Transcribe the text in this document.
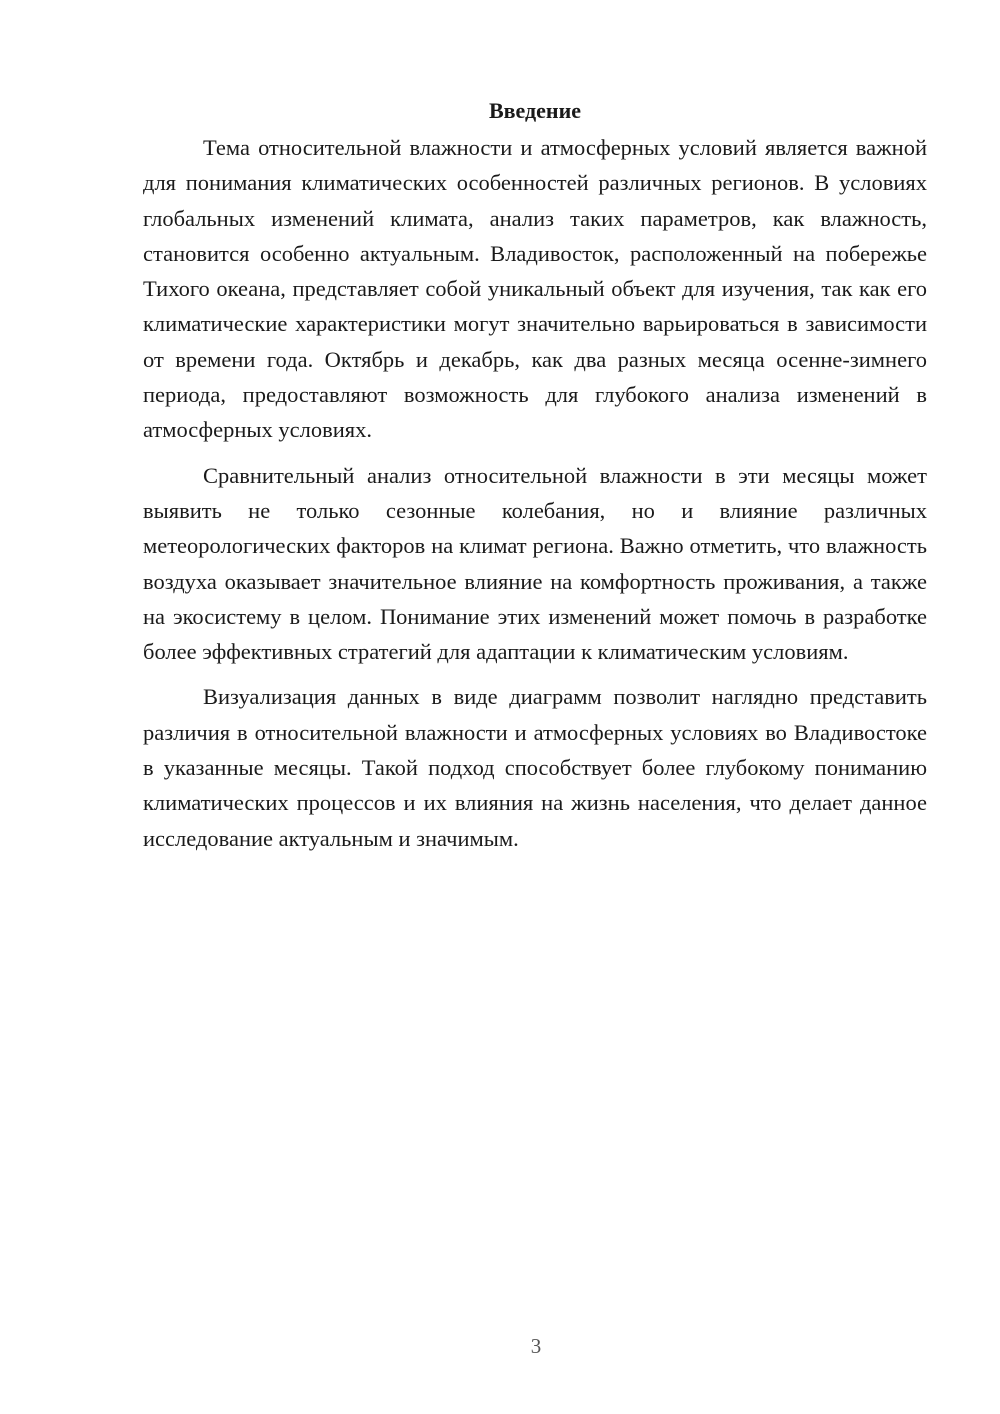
Введение

Тема относительной влажности и атмосферных условий является важной для понимания климатических особенностей различных регионов. В условиях глобальных изменений климата, анализ таких параметров, как влажность, становится особенно актуальным. Владивосток, расположенный на побережье Тихого океана, представляет собой уникальный объект для изучения, так как его климатические характеристики могут значительно варьироваться в зависимости от времени года. Октябрь и декабрь, как два разных месяца осенне-зимнего периода, предоставляют возможность для глубокого анализа изменений в атмосферных условиях.

Сравнительный анализ относительной влажности в эти месяцы может выявить не только сезонные колебания, но и влияние различных метеорологических факторов на климат региона. Важно отметить, что влажность воздуха оказывает значительное влияние на комфортность проживания, а также на экосистему в целом. Понимание этих изменений может помочь в разработке более эффективных стратегий для адаптации к климатическим условиям.

Визуализация данных в виде диаграмм позволит наглядно представить различия в относительной влажности и атмосферных условиях во Владивостоке в указанные месяцы. Такой подход способствует более глубокому пониманию климатических процессов и их влияния на жизнь населения, что делает данное исследование актуальным и значимым.

3
